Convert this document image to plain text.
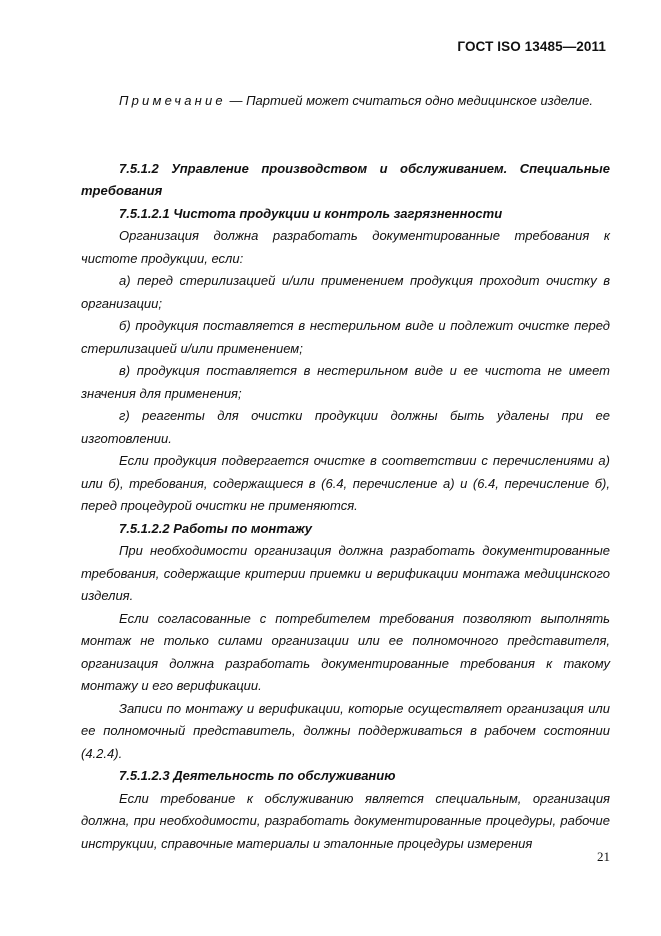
ГОСТ ISO 13485—2011

Примечание — Партией может считаться одно медицинское изделие.

7.5.1.2 Управление производством и обслуживанием. Специальные требования

7.5.1.2.1 Чистота продукции и контроль загрязненности

Организация должна разработать документированные требования к чистоте продукции, если:

а) перед стерилизацией и/или применением продукция проходит очистку в организации;

б) продукция поставляется в нестерильном виде и подлежит очистке перед стерилизацией и/или применением;

в) продукция поставляется в нестерильном виде и ее чистота не имеет значения для применения;

г) реагенты для очистки продукции должны быть удалены при ее изготовлении.

Если продукция подвергается очистке в соответствии с перечислениями а) или б), требования, содержащиеся в (6.4, перечисление а) и (6.4, перечисление б), перед процедурой очистки не применяются.

7.5.1.2.2 Работы по монтажу

При необходимости организация должна разработать документированные требования, содержащие критерии приемки и верификации монтажа медицинского изделия.

Если согласованные с потребителем требования позволяют выполнять монтаж не только силами организации или ее полномочного представителя, организация должна разработать документированные требования к такому монтажу и его верификации.

Записи по монтажу и верификации, которые осуществляет организация или ее полномочный представитель, должны поддерживаться в рабочем состоянии (4.2.4).

7.5.1.2.3 Деятельность по обслуживанию

Если требование к обслуживанию является специальным, организация должна, при необходимости, разработать документированные процедуры, рабочие инструкции, справочные материалы и эталонные процедуры измерения

21
